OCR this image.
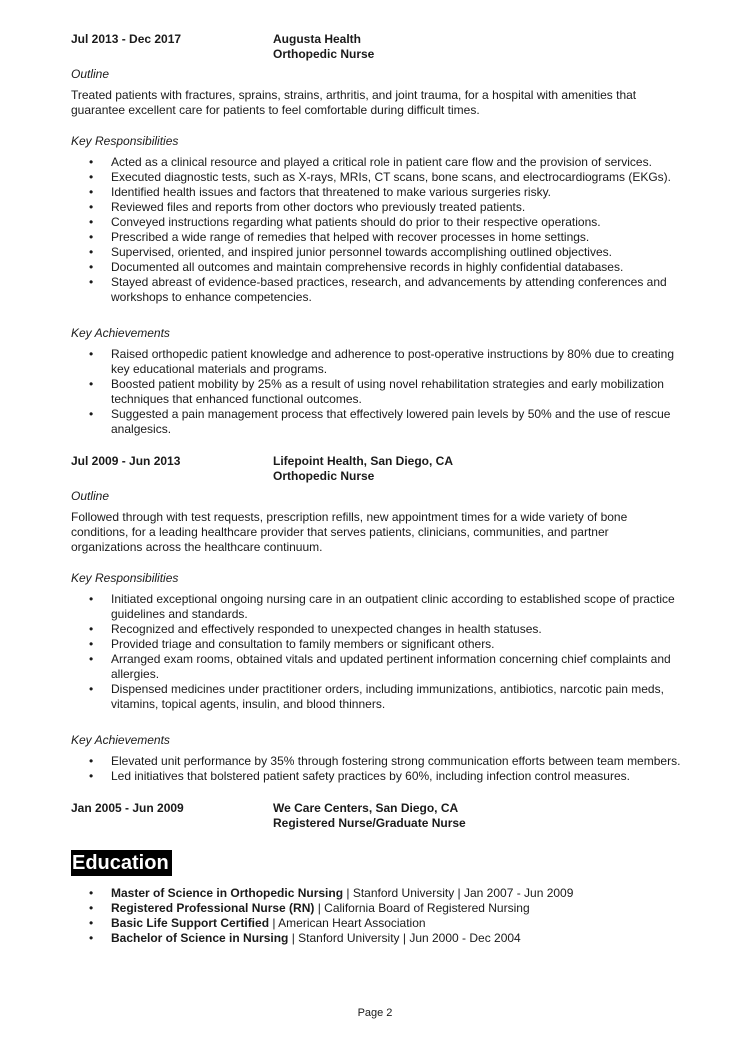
Jul 2013 - Dec 2017	Augusta Health
Orthopedic Nurse
Outline
Treated patients with fractures, sprains, strains, arthritis, and joint trauma, for a hospital with amenities that guarantee excellent care for patients to feel comfortable during difficult times.
Key Responsibilities
• Acted as a clinical resource and played a critical role in patient care flow and the provision of services.
• Executed diagnostic tests, such as X-rays, MRIs, CT scans, bone scans, and electrocardiograms (EKGs).
• Identified health issues and factors that threatened to make various surgeries risky.
• Reviewed files and reports from other doctors who previously treated patients.
• Conveyed instructions regarding what patients should do prior to their respective operations.
• Prescribed a wide range of remedies that helped with recover processes in home settings.
• Supervised, oriented, and inspired junior personnel towards accomplishing outlined objectives.
• Documented all outcomes and maintain comprehensive records in highly confidential databases.
• Stayed abreast of evidence-based practices, research, and advancements by attending conferences and workshops to enhance competencies.
Key Achievements
• Raised orthopedic patient knowledge and adherence to post-operative instructions by 80% due to creating key educational materials and programs.
• Boosted patient mobility by 25% as a result of using novel rehabilitation strategies and early mobilization techniques that enhanced functional outcomes.
• Suggested a pain management process that effectively lowered pain levels by 50% and the use of rescue analgesics.
Jul 2009 - Jun 2013	Lifepoint Health, San Diego, CA
Orthopedic Nurse
Outline
Followed through with test requests, prescription refills, new appointment times for a wide variety of bone conditions, for a leading healthcare provider that serves patients, clinicians, communities, and partner organizations across the healthcare continuum.
Key Responsibilities
• Initiated exceptional ongoing nursing care in an outpatient clinic according to established scope of practice guidelines and standards.
• Recognized and effectively responded to unexpected changes in health statuses.
• Provided triage and consultation to family members or significant others.
• Arranged exam rooms, obtained vitals and updated pertinent information concerning chief complaints and allergies.
• Dispensed medicines under practitioner orders, including immunizations, antibiotics, narcotic pain meds, vitamins, topical agents, insulin, and blood thinners.
Key Achievements
• Elevated unit performance by 35% through fostering strong communication efforts between team members.
• Led initiatives that bolstered patient safety practices by 60%, including infection control measures.
Jan 2005 - Jun 2009	We Care Centers, San Diego, CA
Registered Nurse/Graduate Nurse
Education
• Master of Science in Orthopedic Nursing | Stanford University | Jan 2007 - Jun 2009
• Registered Professional Nurse (RN) | California Board of Registered Nursing
• Basic Life Support Certified | American Heart Association
• Bachelor of Science in Nursing | Stanford University | Jun 2000 - Dec 2004
Page 2
